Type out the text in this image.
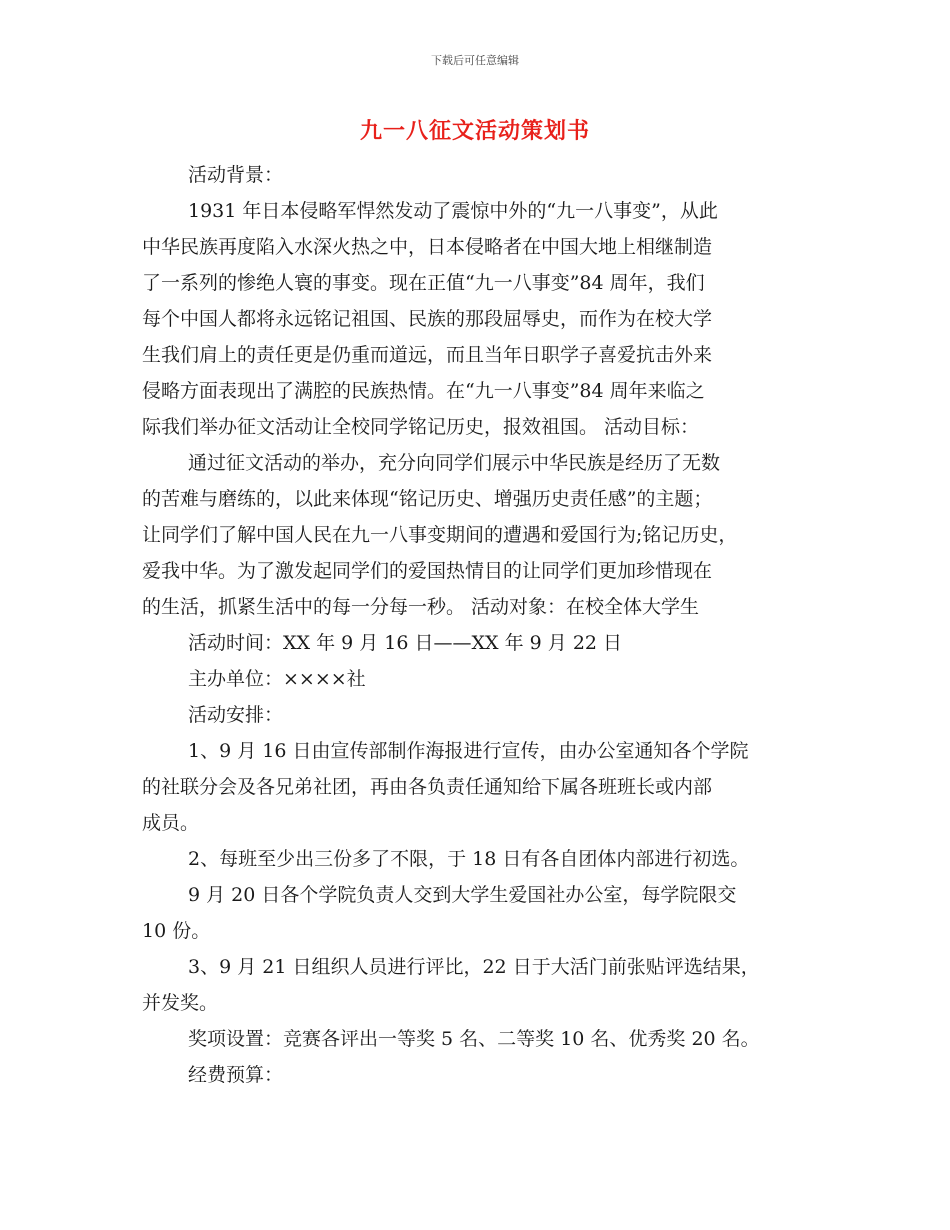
下载后可任意编辑
九一八征文活动策划书
活动背景：
1931 年日本侵略军悍然发动了震惊中外的“九一八事变”，从此
中华民族再度陷入水深火热之中，日本侵略者在中国大地上相继制造
了一系列的惨绝人寰的事变。现在正值“九一八事变”84 周年，我们
每个中国人都将永远铭记祖国、民族的那段屈辱史，而作为在校大学
生我们肩上的责任更是仍重而道远，而且当年日职学子喜爱抗击外来
侵略方面表现出了满腔的民族热情。在“九一八事变”84 周年来临之
际我们举办征文活动让全校同学铭记历史，报效祖国。 活动目标：
通过征文活动的举办，充分向同学们展示中华民族是经历了无数
的苦难与磨练的，以此来体现“铭记历史、增强历史责任感”的主题；
让同学们了解中国人民在九一八事变期间的遭遇和爱国行为;铭记历史，
爱我中华。为了激发起同学们的爱国热情目的让同学们更加珍惜现在
的生活，抓紧生活中的每一分每一秒。 活动对象：在校全体大学生
活动时间：XX 年 9 月 16 日——XX 年 9 月 22 日
主办单位：××××社
活动安排：
1、9 月 16 日由宣传部制作海报进行宣传，由办公室通知各个学院
的社联分会及各兄弟社团，再由各负责任通知给下属各班班长或内部
成员。
2、每班至少出三份多了不限，于 18 日有各自团体内部进行初选。
9 月 20 日各个学院负责人交到大学生爱国社办公室，每学院限交
10 份。
3、9 月 21 日组织人员进行评比，22 日于大活门前张贴评选结果，
并发奖。
奖项设置：竞赛各评出一等奖 5 名、二等奖 10 名、优秀奖 20 名。
经费预算：
